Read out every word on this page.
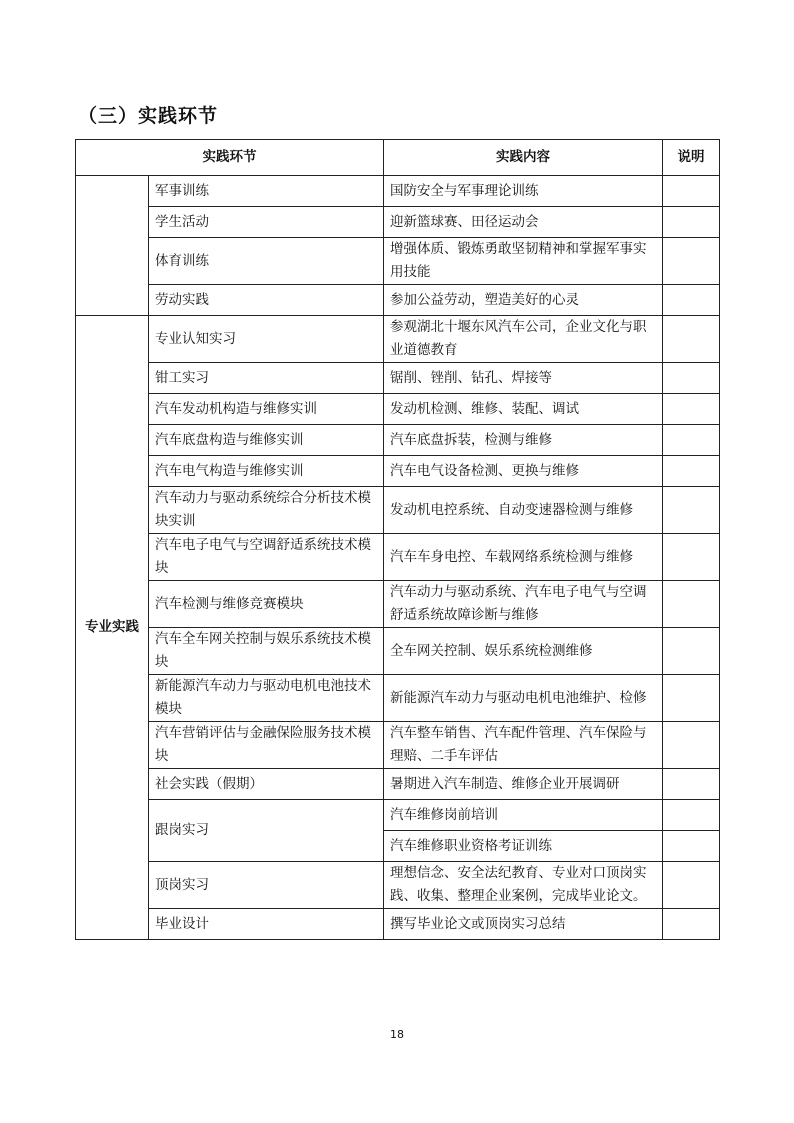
（三）实践环节
实践环节		实践内容	说明
	军事训练	国防安全与军事理论训练	
	学生活动	迎新篮球赛、田径运动会	
	体育训练	增强体质、锻炼勇敢坚韧精神和掌握军事实用技能	
	劳动实践	参加公益劳动，塑造美好的心灵	
专业实践	专业认知实习	参观湖北十堰东风汽车公司，企业文化与职业道德教育	
	钳工实习	锯削、锉削、钻孔、焊接等	
	汽车发动机构造与维修实训	发动机检测、维修、装配、调试	
	汽车底盘构造与维修实训	汽车底盘拆装，检测与维修	
	汽车电气构造与维修实训	汽车电气设备检测、更换与维修	
	汽车动力与驱动系统综合分析技术模块实训	发动机电控系统、自动变速器检测与维修	
	汽车电子电气与空调舒适系统技术模块	汽车车身电控、车载网络系统检测与维修	
	汽车检测与维修竞赛模块	汽车动力与驱动系统、汽车电子电气与空调舒适系统故障诊断与维修	
	汽车全车网关控制与娱乐系统技术模块	全车网关控制、娱乐系统检测维修	
	新能源汽车动力与驱动电机电池技术模块	新能源汽车动力与驱动电机电池维护、检修	
	汽车营销评估与金融保险服务技术模块	汽车整车销售、汽车配件管理、汽车保险与理赔、二手车评估	
	社会实践（假期）	暑期进入汽车制造、维修企业开展调研	
	跟岗实习	汽车维修岗前培训	
		汽车维修职业资格考证训练	
	顶岗实习	理想信念、安全法纪教育、专业对口顶岗实践、收集、整理企业案例，完成毕业论文。	
	毕业设计	撰写毕业论文或顶岗实习总结	
18
